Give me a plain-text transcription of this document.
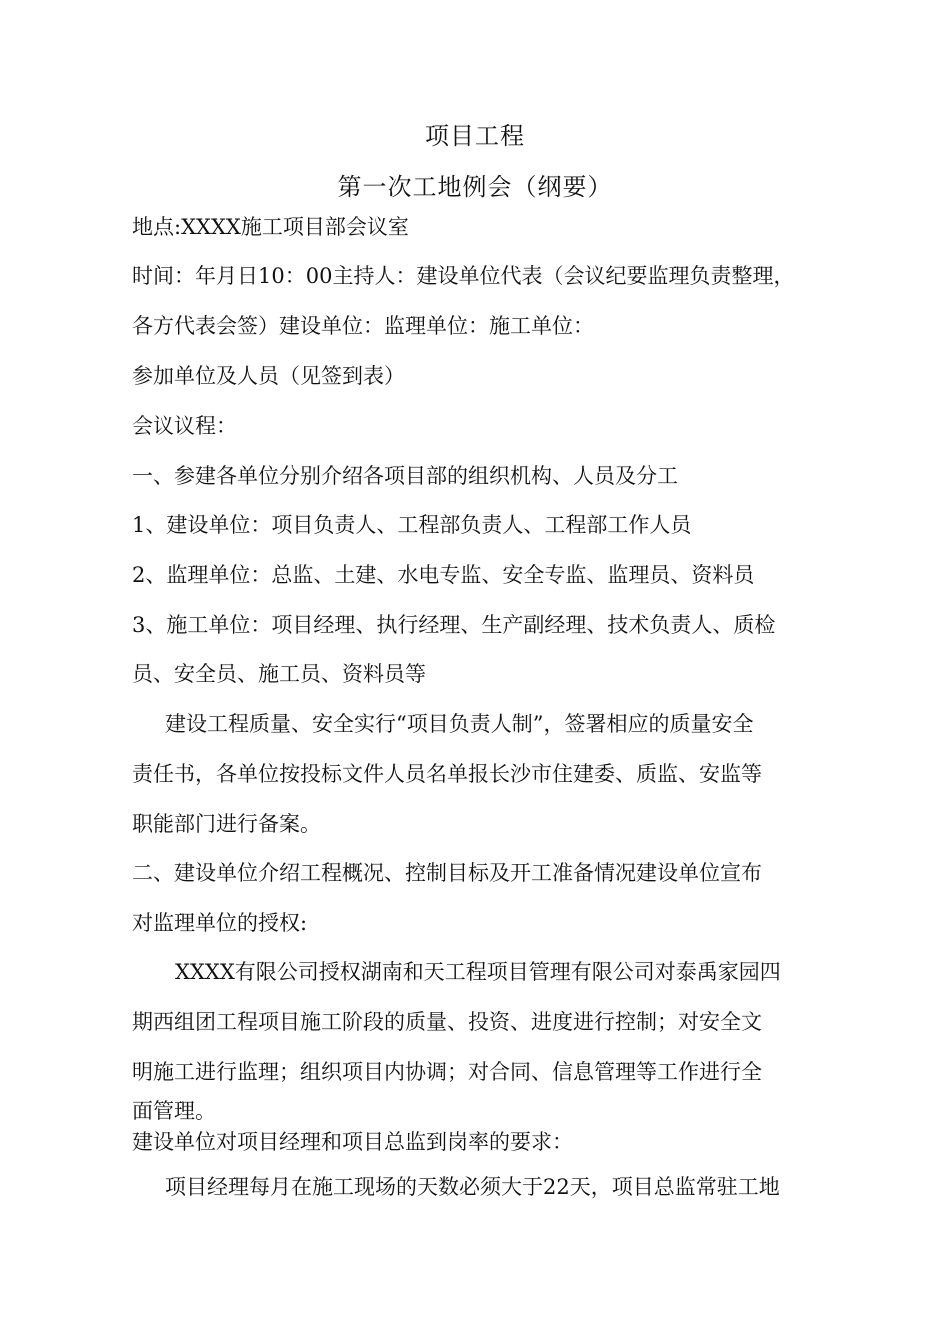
项目工程
第一次工地例会（纲要）

地点:XXXX施工项目部会议室

时间：年月日10：00主持人：建设单位代表（会议纪要监理负责整理，

各方代表会签）建设单位：监理单位：施工单位：

参加单位及人员（见签到表）

会议议程：

一、参建各单位分别介绍各项目部的组织机构、人员及分工

1、建设单位：项目负责人、工程部负责人、工程部工作人员

2、监理单位：总监、土建、水电专监、安全专监、监理员、资料员

3、施工单位：项目经理、执行经理、生产副经理、技术负责人、质检

员、安全员、施工员、资料员等

建设工程质量、安全实行“项目负责人制”，签署相应的质量安全

责任书，各单位按投标文件人员名单报长沙市住建委、质监、安监等

职能部门进行备案。

二、建设单位介绍工程概况、控制目标及开工准备情况建设单位宣布

对监理单位的授权:

XXXX有限公司授权湖南和天工程项目管理有限公司对泰禹家园四

期西组团工程项目施工阶段的质量、投资、进度进行控制；对安全文

明施工进行监理；组织项目内协调；对合同、信息管理等工作进行全

面管理。

建设单位对项目经理和项目总监到岗率的要求：

项目经理每月在施工现场的天数必须大于22天，项目总监常驻工地
